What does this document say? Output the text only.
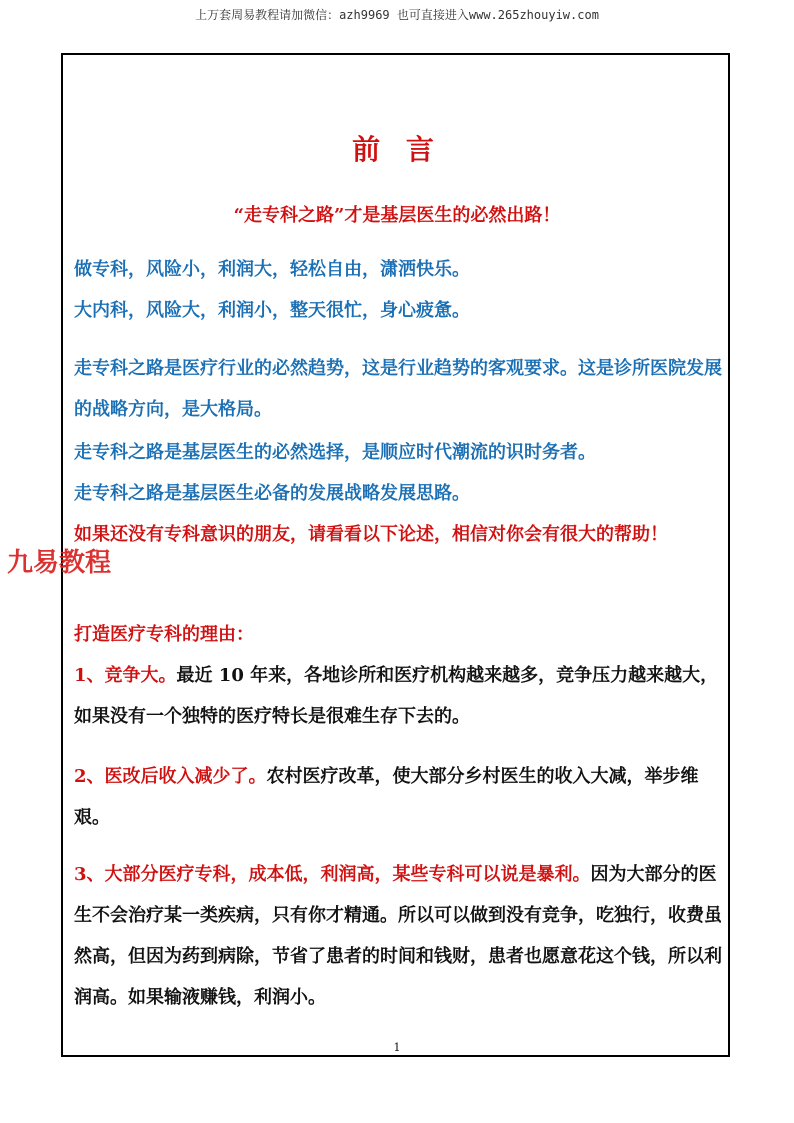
上万套周易教程请加微信：azh9969 也可直接进入www.265zhouyiw.com
前 言
“走专科之路”才是基层医生的必然出路！

做专科，风险小，利润大，轻松自由，潇洒快乐。

大内科，风险大，利润小，整天很忙，身心疲惫。

走专科之路是医疗行业的必然趋势，这是行业趋势的客观要求。这是诊所医院发展的战略方向，是大格局。

走专科之路是基层医生的必然选择，是顺应时代潮流的识时务者。

走专科之路是基层医生必备的发展战略发展思路。

如果还没有专科意识的朋友，请看看以下论述，相信对你会有很大的帮助！

九易教程

打造医疗专科的理由：

1、竞争大。最近 10 年来，各地诊所和医疗机构越来越多，竞争压力越来越大，如果没有一个独特的医疗特长是很难生存下去的。

2、医改后收入减少了。农村医疗改革，使大部分乡村医生的收入大减，举步维艰。

3、大部分医疗专科，成本低，利润高，某些专科可以说是暴利。因为大部分的医生不会治疗某一类疾病，只有你才精通。所以可以做到没有竞争，吃独行，收费虽然高，但因为药到病除，节省了患者的时间和钱财，患者也愿意花这个钱，所以利润高。如果输液赚钱，利润小。

1
